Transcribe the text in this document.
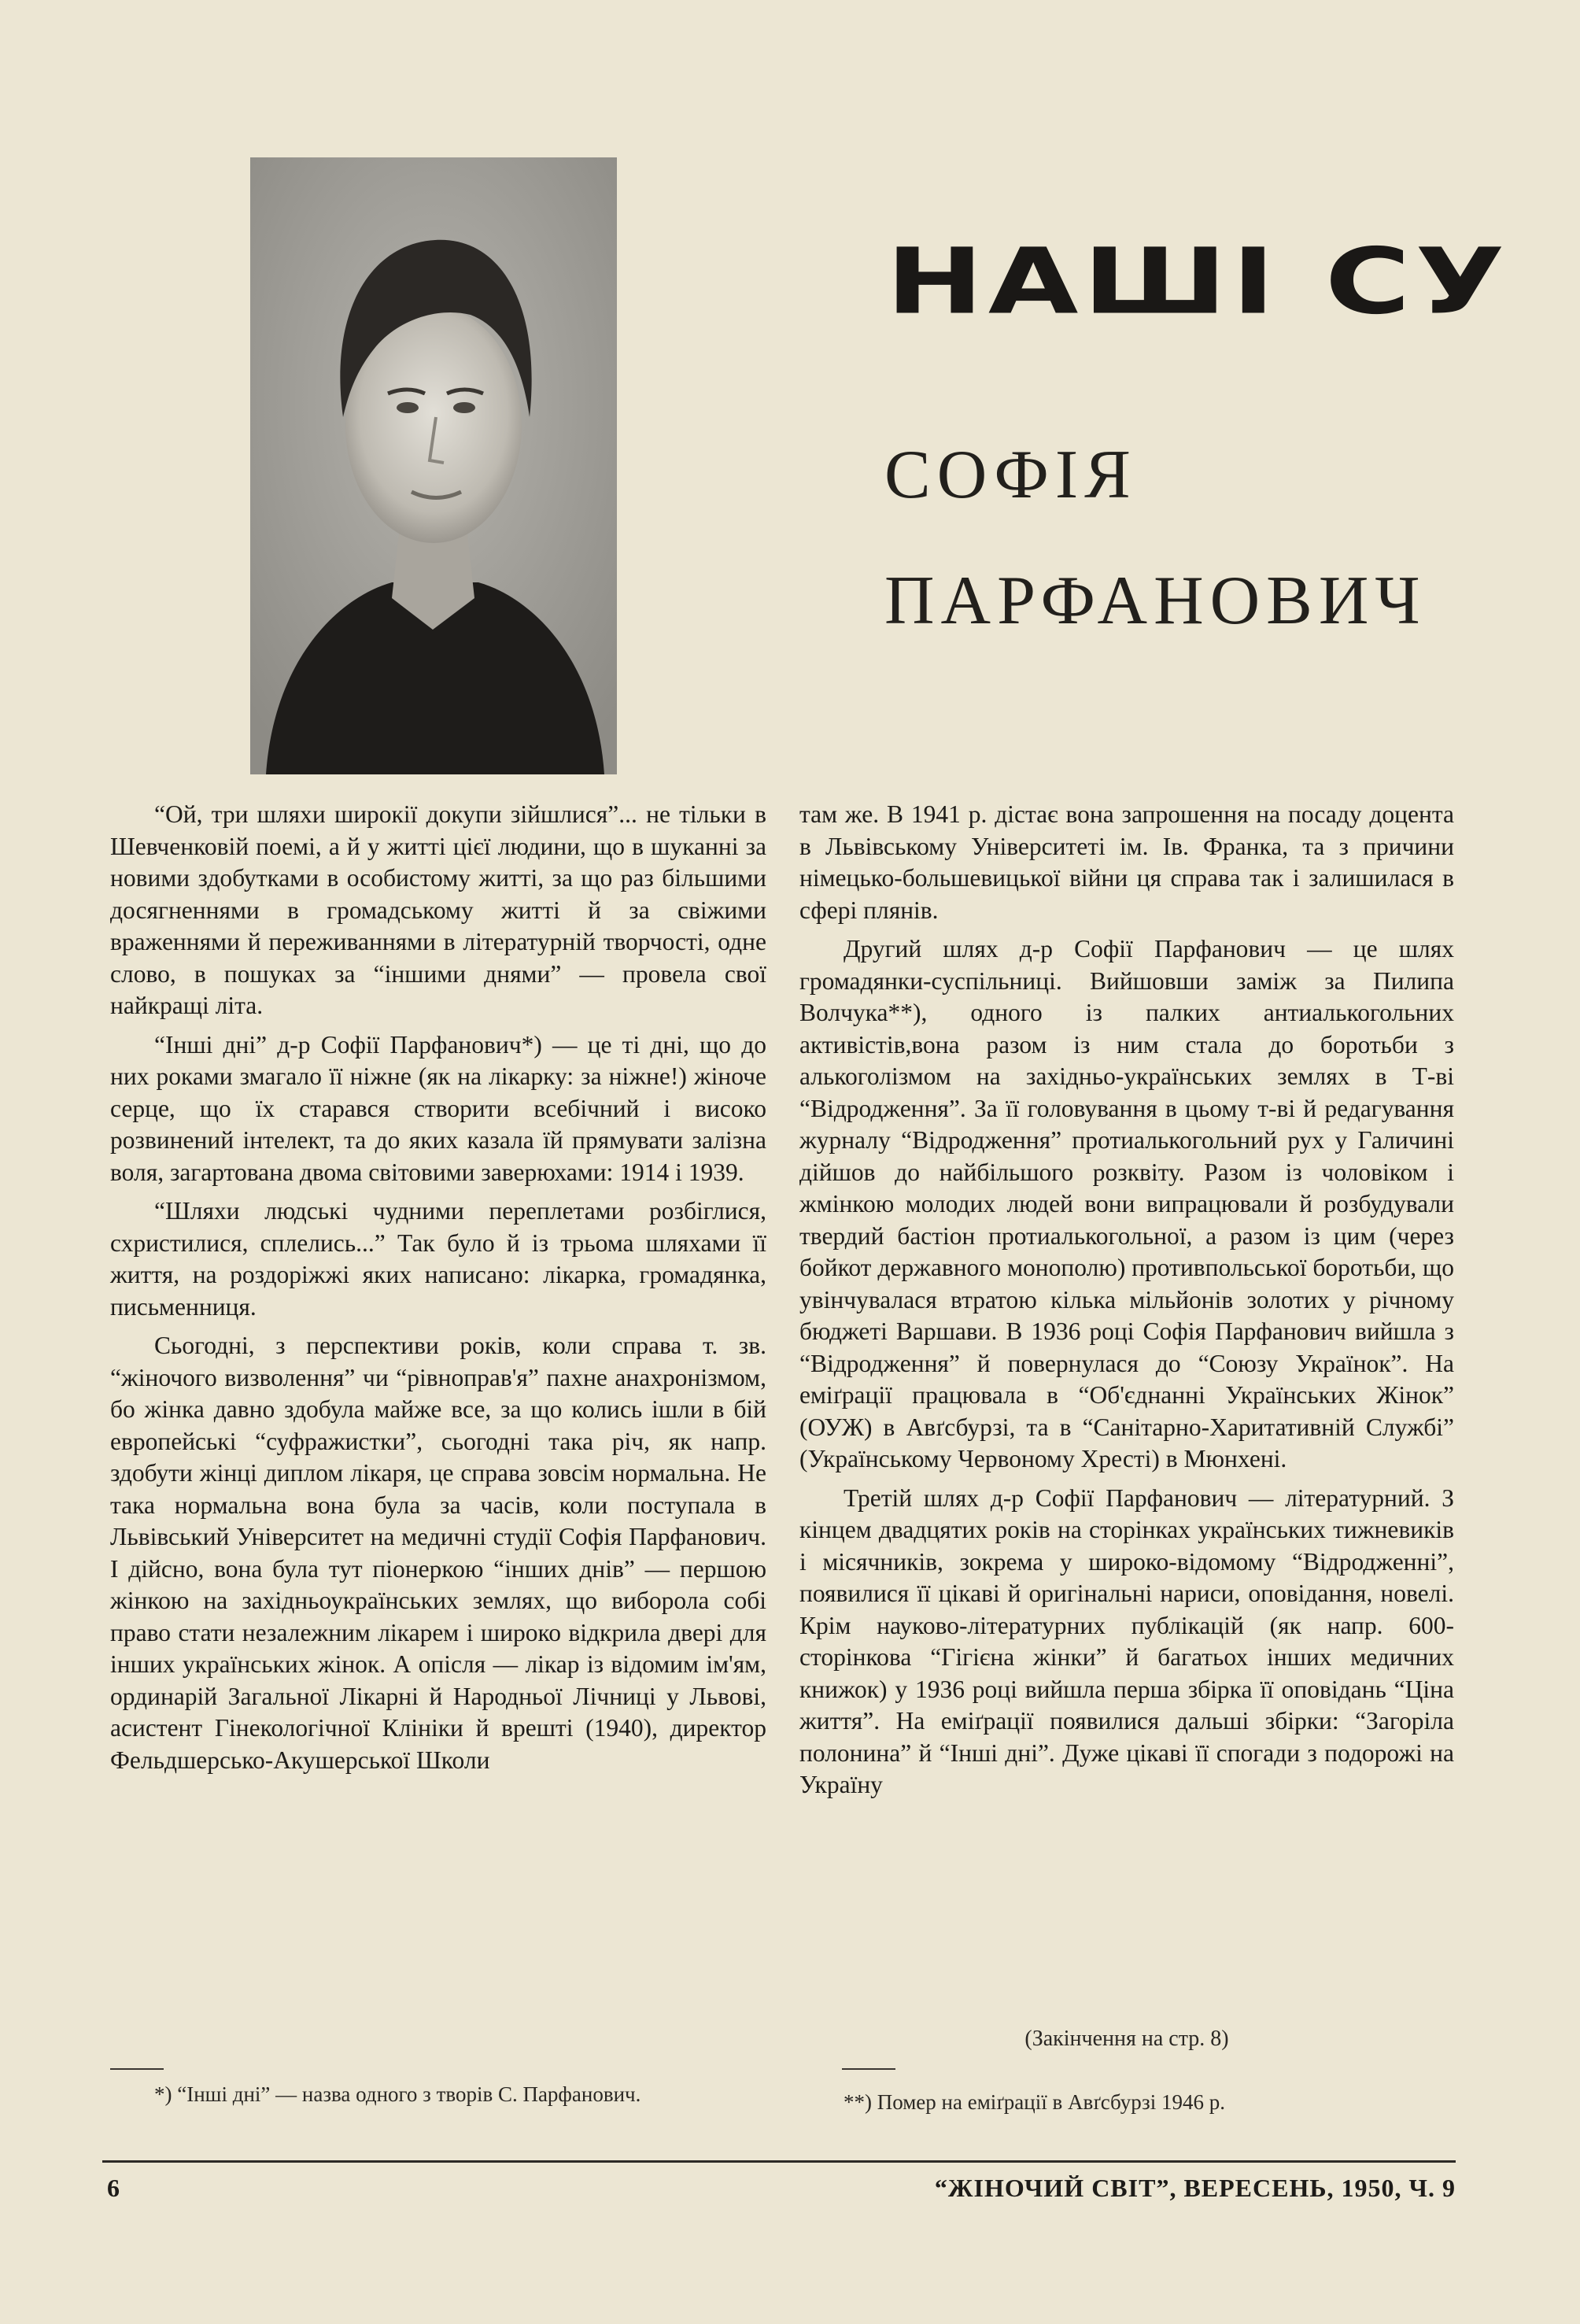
НАШІ СУ
СОФІЯ
ПАРФАНОВИЧ

“Ой, три шляхи широкії докупи зійшлися”... не тільки в Шевченковій поемі, а й у житті цієї людини, що в шуканні за новими здобутками в особистому житті, за що раз більшими досягненнями в громадському житті й за свіжими враженнями й переживаннями в літературній творчості, одне слово, в пошуках за “іншими днями” — провела свої найкращі літа.

“Інші дні” д-р Софії Парфанович*) — це ті дні, що до них роками змагало її ніжне (як на лікарку: за ніжне!) жіноче серце, що їх старався створити всебічний і високо розвинений інтелект, та до яких казала їй прямувати залізна воля, загартована двома світовими заверюхами: 1914 і 1939.

“Шляхи людські чудними переплетами розбіглися, схристилися, сплелись...” Так було й із трьома шляхами її життя, на роздоріжжі яких написано: лікарка, громадянка, письменниця.

Сьогодні, з перспективи років, коли справа т. зв. “жіночого визволення” чи “рівноправ'я” пахне анахронізмом, бо жінка давно здобула майже все, за що колись ішли в бій европейські “суфражистки”, сьогодні така річ, як напр. здобути жінці диплом лікаря, це справа зовсім нормальна. Не така нормальна вона була за часів, коли поступала в Львівський Університет на медичні студії Софія Парфанович. І дійсно, вона була тут піонеркою “інших днів” — першою жінкою на західньоукраїнських землях, що виборола собі право стати незалежним лікарем і широко відкрила двері для інших українських жінок. А опісля — лікар із відомим ім'ям, ординарій Загальної Лікарні й Народньої Лічниці у Львові, асистент Гінекологічної Клініки й врешті (1940), директор Фельдшерсько-Акушерської Школи

там же. В 1941 р. дістає вона запрошення на посаду доцента в Львівському Університеті ім. Ів. Франка, та з причини німецько-большевицької війни ця справа так і залишилася в сфері плянів.

Другий шлях д-р Софії Парфанович — це шлях громадянки-суспільниці. Вийшовши заміж за Пилипа Волчука**), одного із палких антиалькогольних активістів,вона разом із ним стала до боротьби з алькоголізмом на західньо-українських землях в Т-ві “Відродження”. За її головування в цьому т-ві й редагування журналу “Відродження” протиалькогольний рух у Галичині дійшов до найбільшого розквіту. Разом із чоловіком і жмінкою молодих людей вони випрацювали й розбудували твердий бастіон протиалькогольної, а разом із цим (через бойкот державного монополю) противпольської боротьби, що увінчувалася втратою кілька мільйонів золотих у річному бюджеті Варшави. В 1936 році Софія Парфанович вийшла з “Відродження” й повернулася до “Союзу Українок”. На еміґрації працювала в “Об'єднанні Українських Жінок” (ОУЖ) в Авґсбурзі, та в “Санітарно-Харитативній Службі” (Українському Червоному Хресті) в Мюнхені.

Третій шлях д-р Софії Парфанович — літературний. З кінцем двадцятих років на сторінках українських тижневиків і місячників, зокрема у широко-відомому “Відродженні”, появилися її цікаві й оригінальні нариси, оповідання, новелі. Крім науково-літературних публікацій (як напр. 600-сторінкова “Гігієна жінки” й багатьох інших медичних книжок) у 1936 році вийшла перша збірка її оповідань “Ціна життя”. На еміґрації появилися дальші збірки: “Загоріла полонина” й “Інші дні”. Дуже цікаві її спогади з подорожі на Україну

(Закінчення на стр. 8)
*) “Інші дні” — назва одного з творів С. Парфанович.	**) Помер на еміґрації в Авґсбурзі 1946 р.
6	“ЖІНОЧИЙ СВІТ”, ВЕРЕСЕНЬ, 1950, Ч. 9
